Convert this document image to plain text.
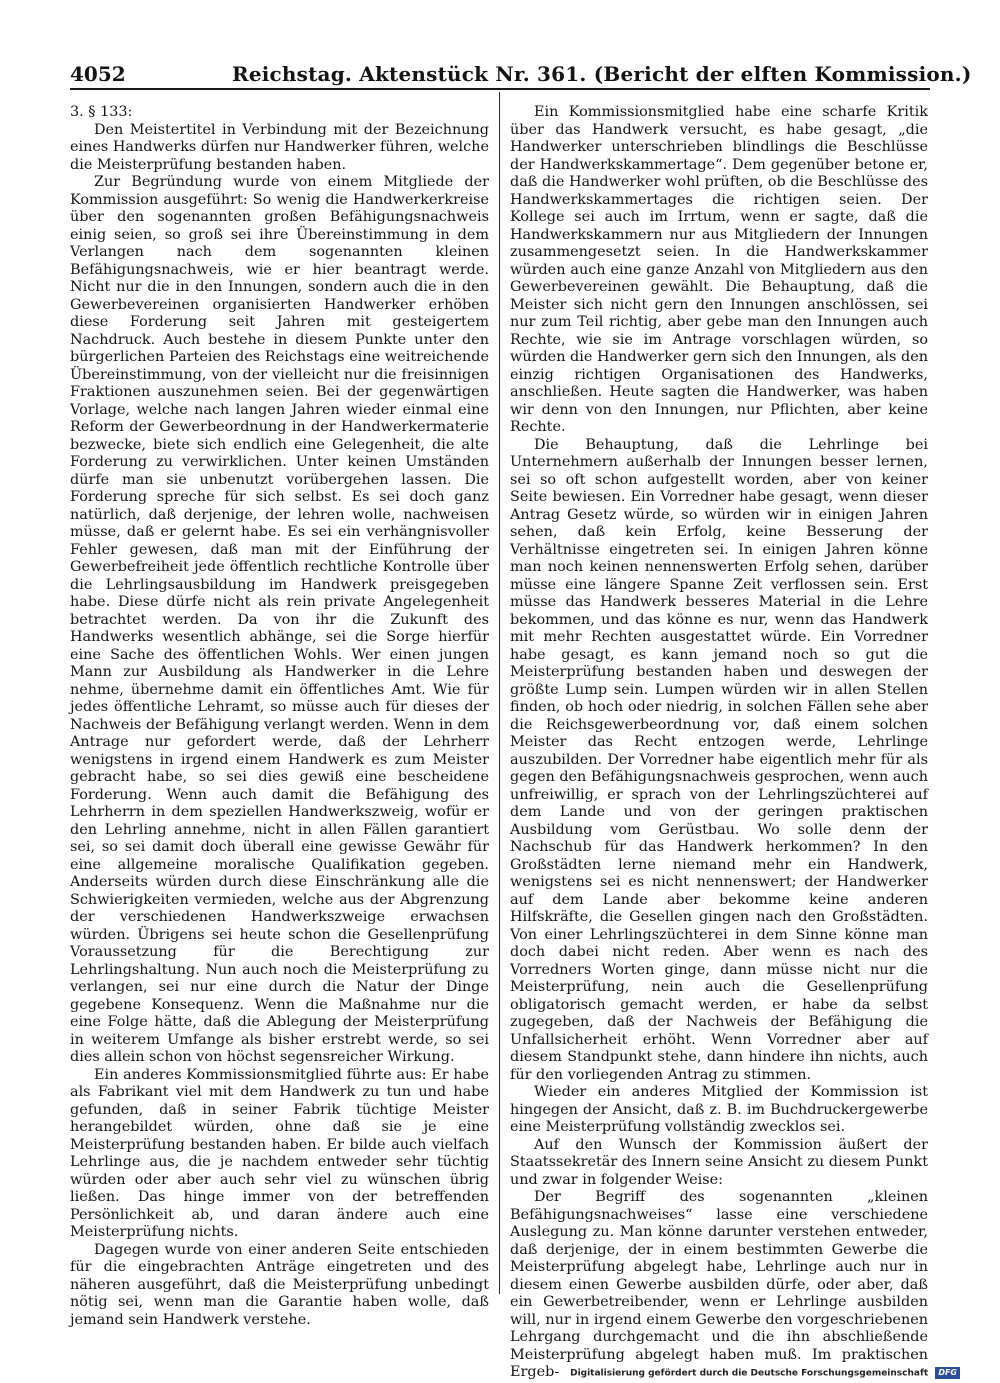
4052	Reichstag. Aktenstück Nr. 361. (Bericht der elften Kommission.)

3. § 133:

Den Meistertitel in Verbindung mit der Bezeichnung eines Handwerks dürfen nur Handwerker führen, welche die Meisterprüfung bestanden haben.

Zur Begründung wurde von einem Mitgliede der Kommission ausgeführt: So wenig die Handwerkerkreise über den sogenannten großen Befähigungsnachweis einig seien, so groß sei ihre Übereinstimmung in dem Verlangen nach dem sogenannten kleinen Befähigungsnachweis, wie er hier beantragt werde. Nicht nur die in den Innungen, sondern auch die in den Gewerbevereinen organisierten Handwerker erhöben diese Forderung seit Jahren mit gesteigertem Nachdruck. Auch bestehe in diesem Punkte unter den bürgerlichen Parteien des Reichstags eine weitreichende Übereinstimmung, von der vielleicht nur die freisinnigen Fraktionen auszunehmen seien. Bei der gegenwärtigen Vorlage, welche nach langen Jahren wieder einmal eine Reform der Gewerbeordnung in der Handwerkermaterie bezwecke, biete sich endlich eine Gelegenheit, die alte Forderung zu verwirklichen. Unter keinen Umständen dürfe man sie unbenutzt vorübergehen lassen. Die Forderung spreche für sich selbst. Es sei doch ganz natürlich, daß derjenige, der lehren wolle, nachweisen müsse, daß er gelernt habe. Es sei ein verhängnisvoller Fehler gewesen, daß man mit der Einführung der Gewerbefreiheit jede öffentlich rechtliche Kontrolle über die Lehrlingsausbildung im Handwerk preisgegeben habe. Diese dürfe nicht als rein private Angelegenheit betrachtet werden. Da von ihr die Zukunft des Handwerks wesentlich abhänge, sei die Sorge hierfür eine Sache des öffentlichen Wohls. Wer einen jungen Mann zur Ausbildung als Handwerker in die Lehre nehme, übernehme damit ein öffentliches Amt. Wie für jedes öffentliche Lehramt, so müsse auch für dieses der Nachweis der Befähigung verlangt werden. Wenn in dem Antrage nur gefordert werde, daß der Lehrherr wenigstens in irgend einem Handwerk es zum Meister gebracht habe, so sei dies gewiß eine bescheidene Forderung. Wenn auch damit die Befähigung des Lehrherrn in dem speziellen Handwerkszweig, wofür er den Lehrling annehme, nicht in allen Fällen garantiert sei, so sei damit doch überall eine gewisse Gewähr für eine allgemeine moralische Qualifikation gegeben. Anderseits würden durch diese Einschränkung alle die Schwierigkeiten vermieden, welche aus der Abgrenzung der verschiedenen Handwerkszweige erwachsen würden. Übrigens sei heute schon die Gesellenprüfung Voraussetzung für die Berechtigung zur Lehrlingshaltung. Nun auch noch die Meisterprüfung zu verlangen, sei nur eine durch die Natur der Dinge gegebene Konsequenz. Wenn die Maßnahme nur die eine Folge hätte, daß die Ablegung der Meisterprüfung in weiterem Umfange als bisher erstrebt werde, so sei dies allein schon von höchst segensreicher Wirkung.

Ein anderes Kommissionsmitglied führte aus: Er habe als Fabrikant viel mit dem Handwerk zu tun und habe gefunden, daß in seiner Fabrik tüchtige Meister herangebildet würden, ohne daß sie je eine Meisterprüfung bestanden haben. Er bilde auch vielfach Lehrlinge aus, die je nachdem entweder sehr tüchtig würden oder aber auch sehr viel zu wünschen übrig ließen. Das hinge immer von der betreffenden Persönlichkeit ab, und daran ändere auch eine Meisterprüfung nichts.

Dagegen wurde von einer anderen Seite entschieden für die eingebrachten Anträge eingetreten und des näheren ausgeführt, daß die Meisterprüfung unbedingt nötig sei, wenn man die Garantie haben wolle, daß jemand sein Handwerk verstehe.

Ein Kommissionsmitglied habe eine scharfe Kritik über das Handwerk versucht, es habe gesagt, „die Handwerker unterschrieben blindlings die Beschlüsse der Handwerkskammertage“. Dem gegenüber betone er, daß die Handwerker wohl prüften, ob die Beschlüsse des Handwerkskammertages die richtigen seien. Der Kollege sei auch im Irrtum, wenn er sagte, daß die Handwerkskammern nur aus Mitgliedern der Innungen zusammengesetzt seien. In die Handwerkskammer würden auch eine ganze Anzahl von Mitgliedern aus den Gewerbevereinen gewählt. Die Behauptung, daß die Meister sich nicht gern den Innungen anschlössen, sei nur zum Teil richtig, aber gebe man den Innungen auch Rechte, wie sie im Antrage vorschlagen würden, so würden die Handwerker gern sich den Innungen, als den einzig richtigen Organisationen des Handwerks, anschließen. Heute sagten die Handwerker, was haben wir denn von den Innungen, nur Pflichten, aber keine Rechte.

Die Behauptung, daß die Lehrlinge bei Unternehmern außerhalb der Innungen besser lernen, sei so oft schon aufgestellt worden, aber von keiner Seite bewiesen. Ein Vorredner habe gesagt, wenn dieser Antrag Gesetz würde, so würden wir in einigen Jahren sehen, daß kein Erfolg, keine Besserung der Verhältnisse eingetreten sei. In einigen Jahren könne man noch keinen nennenswerten Erfolg sehen, darüber müsse eine längere Spanne Zeit verflossen sein. Erst müsse das Handwerk besseres Material in die Lehre bekommen, und das könne es nur, wenn das Handwerk mit mehr Rechten ausgestattet würde. Ein Vorredner habe gesagt, es kann jemand noch so gut die Meisterprüfung bestanden haben und deswegen der größte Lump sein. Lumpen würden wir in allen Stellen finden, ob hoch oder niedrig, in solchen Fällen sehe aber die Reichsgewerbeordnung vor, daß einem solchen Meister das Recht entzogen werde, Lehrlinge auszubilden. Der Vorredner habe eigentlich mehr für als gegen den Befähigungsnachweis gesprochen, wenn auch unfreiwillig, er sprach von der Lehrlingszüchterei auf dem Lande und von der geringen praktischen Ausbildung vom Gerüstbau. Wo solle denn der Nachschub für das Handwerk herkommen? In den Großstädten lerne niemand mehr ein Handwerk, wenigstens sei es nicht nennenswert; der Handwerker auf dem Lande aber bekomme keine anderen Hilfskräfte, die Gesellen gingen nach den Großstädten. Von einer Lehrlingszüchterei in dem Sinne könne man doch dabei nicht reden. Aber wenn es nach des Vorredners Worten ginge, dann müsse nicht nur die Meisterprüfung, nein auch die Gesellenprüfung obligatorisch gemacht werden, er habe da selbst zugegeben, daß der Nachweis der Befähigung die Unfallsicherheit erhöht. Wenn Vorredner aber auf diesem Standpunkt stehe, dann hindere ihn nichts, auch für den vorliegenden Antrag zu stimmen.

Wieder ein anderes Mitglied der Kommission ist hingegen der Ansicht, daß z. B. im Buchdruckergewerbe eine Meisterprüfung vollständig zwecklos sei.

Auf den Wunsch der Kommission äußert der Staatssekretär des Innern seine Ansicht zu diesem Punkt und zwar in folgender Weise:

Der Begriff des sogenannten „kleinen Befähigungsnachweises“ lasse eine verschiedene Auslegung zu. Man könne darunter verstehen entweder, daß derjenige, der in einem bestimmten Gewerbe die Meisterprüfung abgelegt habe, Lehrlinge auch nur in diesem einen Gewerbe ausbilden dürfe, oder aber, daß ein Gewerbetreibender, wenn er Lehrlinge ausbilden will, nur in irgend einem Gewerbe den vorgeschriebenen Lehrgang durchgemacht und die ihn abschließende Meisterprüfung abgelegt haben muß. Im praktischen Ergeb-	Digitalisierung gefördert durch die Deutsche Forschungsgemeinschaft DFG
